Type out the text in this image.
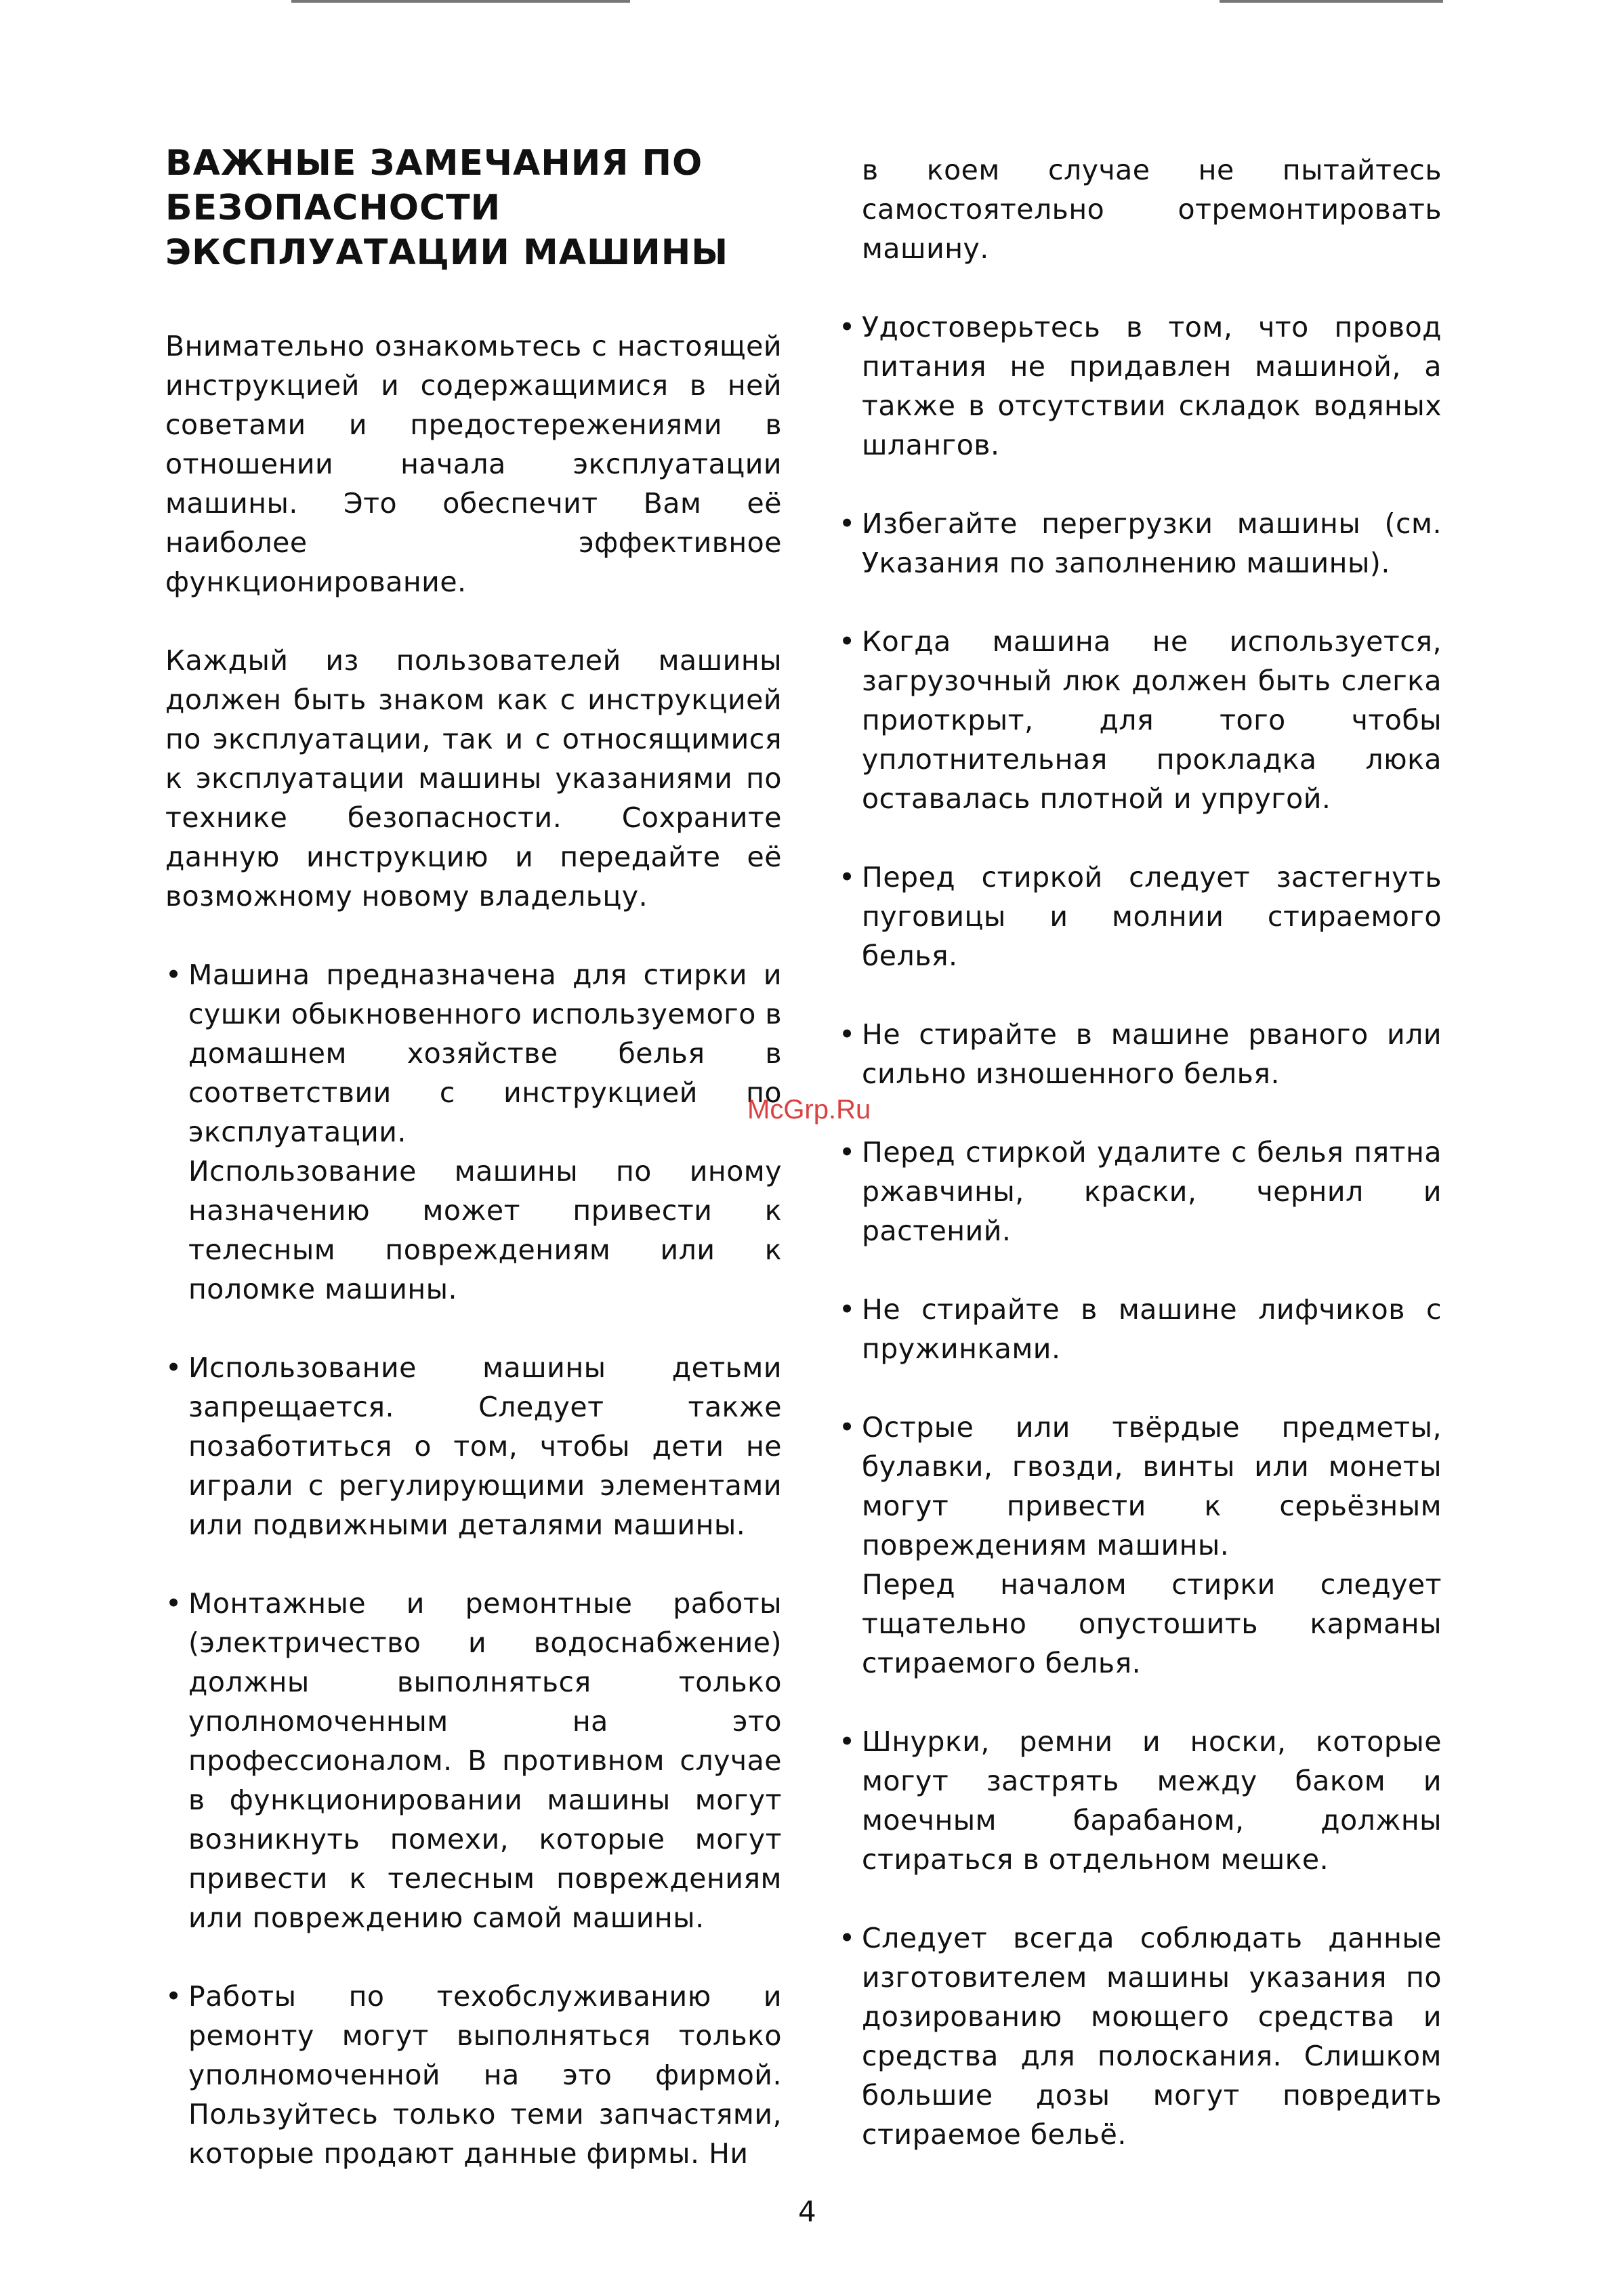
ВАЖНЫЕ ЗАМЕЧАНИЯ ПО
БЕЗОПАСНОСТИ
ЭКСПЛУАТАЦИИ МАШИНЫ

Внимательно ознакомьтесь с настоящей инструкцией и содержащимися в ней советами и предостережениями в отношении начала эксплуатации машины. Это обеспечит Вам её наиболее эффективное функционирование.

Каждый из пользователей машины должен быть знаком как с инструкцией по эксплуатации, так и с относящимися к эксплуатации машины указаниями по технике безопасности. Сохраните данную инструкцию и передайте её возможному новому владельцу.

• Машина предназначена для стирки и сушки обыкновенного используемого в домашнем хозяйстве белья в соответствии с инструкцией по эксплуатации.
Использование машины по иному назначению может привести к телесным повреждениям или к поломке машины.
• Использование машины детьми запрещается. Следует также позаботиться о том, чтобы дети не играли с регулирующими элементами или подвижными деталями машины.
• Монтажные и ремонтные работы (электричество и водоснабжение) должны выполняться только уполномоченным на это профессионалом. В противном случае в функционировании машины могут возникнуть помехи, которые могут привести к телесным повреждениям или повреждению самой машины.
• Работы по техобслуживанию и ремонту могут выполняться только уполномоченной на это фирмой. Пользуйтесь только теми запчастями, которые продают данные фирмы. Ни

в коем случае не пытайтесь самостоятельно отремонтировать машину.

• Удостоверьтесь в том, что провод питания не придавлен машиной, а также в отсутствии складок водяных шлангов.
• Избегайте перегрузки машины (см. Указания по заполнению машины).
• Когда машина не используется, загрузочный люк должен быть слегка приоткрыт, для того чтобы уплотнительная прокладка люка оставалась плотной и упругой.
• Перед стиркой следует застегнуть пуговицы и молнии стираемого белья.
• Не стирайте в машине рваного или сильно изношенного белья.
• Перед стиркой удалите с белья пятна ржавчины, краски, чернил и растений.
• Не стирайте в машине лифчиков с пружинками.
• Острые или твёрдые предметы, булавки, гвозди, винты или монеты могут привести к серьёзным повреждениям машины.
Перед началом стирки следует тщательно опустошить карманы стираемого белья.
• Шнурки, ремни и носки, которые могут застрять между баком и моечным барабаном, должны стираться в отдельном мешке.
• Следует всегда соблюдать данные изготовителем машины указания по дозированию моющего средства и средства для полоскания. Слишком большие дозы могут повредить стираемое бельё.
McGrp.Ru
4
